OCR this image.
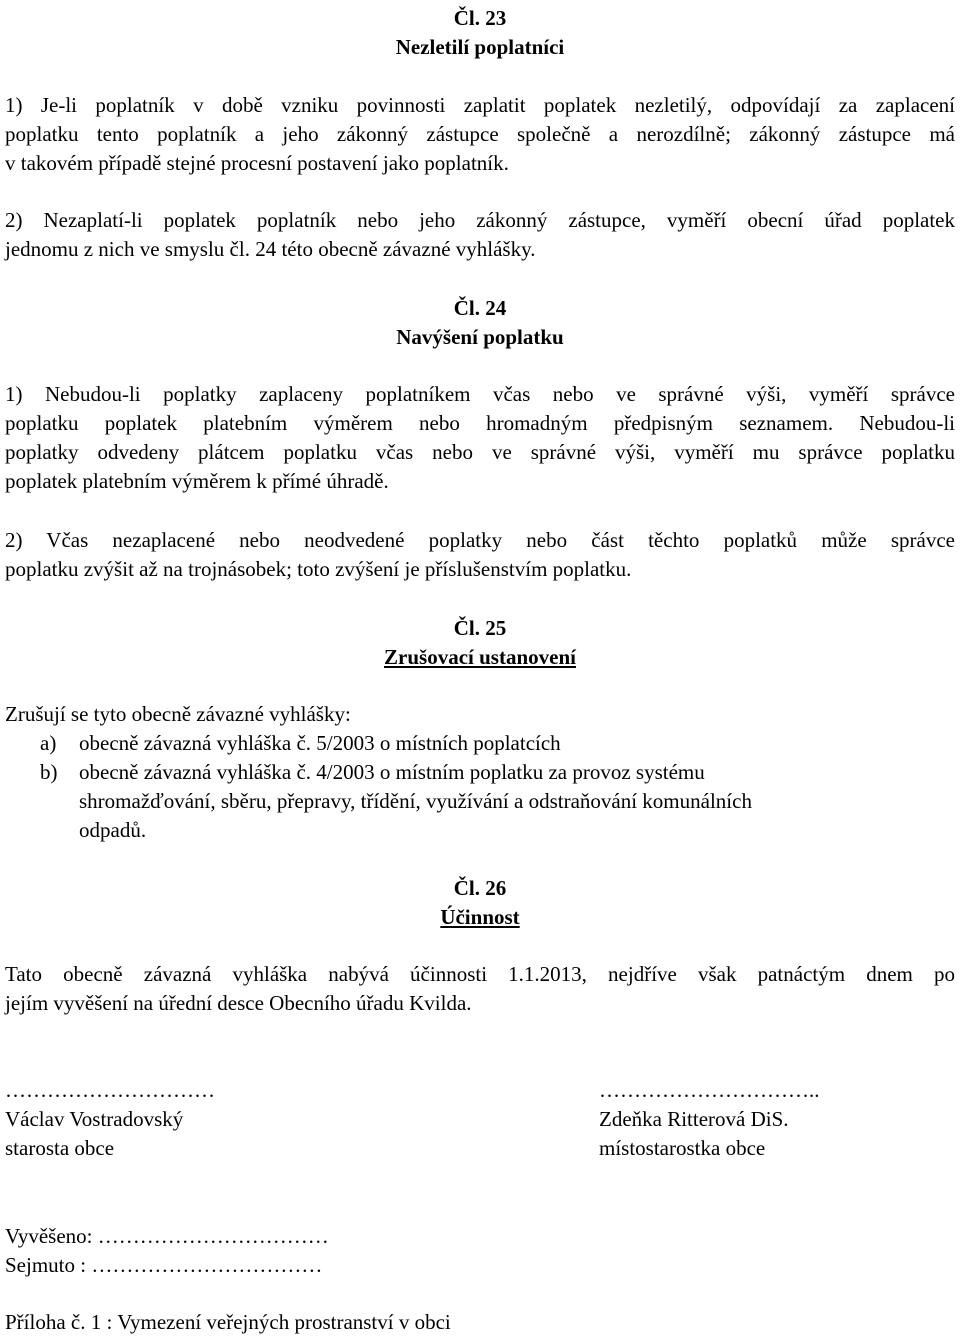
Čl. 23
Nezletilí poplatníci
1) Je-li poplatník v době vzniku povinnosti zaplatit poplatek nezletilý, odpovídají za zaplacení
poplatku tento poplatník a jeho zákonný zástupce společně a nerozdílně; zákonný zástupce má
v takovém případě stejné procesní postavení jako poplatník.
2) Nezaplatí-li poplatek poplatník nebo jeho zákonný zástupce, vyměří obecní úřad poplatek
jednomu z nich ve smyslu čl. 24 této obecně závazné vyhlášky.
Čl. 24
Navýšení poplatku
1) Nebudou-li poplatky zaplaceny poplatníkem včas nebo ve správné výši, vyměří správce
poplatku poplatek platebním výměrem nebo hromadným předpisným seznamem. Nebudou-li
poplatky odvedeny plátcem poplatku včas nebo ve správné výši, vyměří mu správce poplatku
poplatek platebním výměrem k přímé úhradě.
2) Včas nezaplacené nebo neodvedené poplatky nebo část těchto poplatků může správce
poplatku zvýšit až na trojnásobek; toto zvýšení je příslušenstvím poplatku.
Čl. 25
Zrušovací ustanovení
Zrušují se tyto obecně závazné vyhlášky:
a) obecně závazná vyhláška č. 5/2003 o místních poplatcích
b) obecně závazná vyhláška č. 4/2003 o místním poplatku za provoz systému
shromažďování, sběru, přepravy, třídění, využívání a odstraňování komunálních
odpadů.
Čl. 26
Účinnost
Tato obecně závazná vyhláška nabývá účinnosti 1.1.2013, nejdříve však patnáctým dnem po
jejím vyvěšení na úřední desce Obecního úřadu Kvilda.
…………………………
Václav Vostradovský
starosta obce
…………………………..
Zdeňka Ritterová DiS.
místostarostka obce
Vyvěšeno: ……………………………
Sejmuto : ……………………………
Příloha č. 1 : Vymezení veřejných prostranství v obci
